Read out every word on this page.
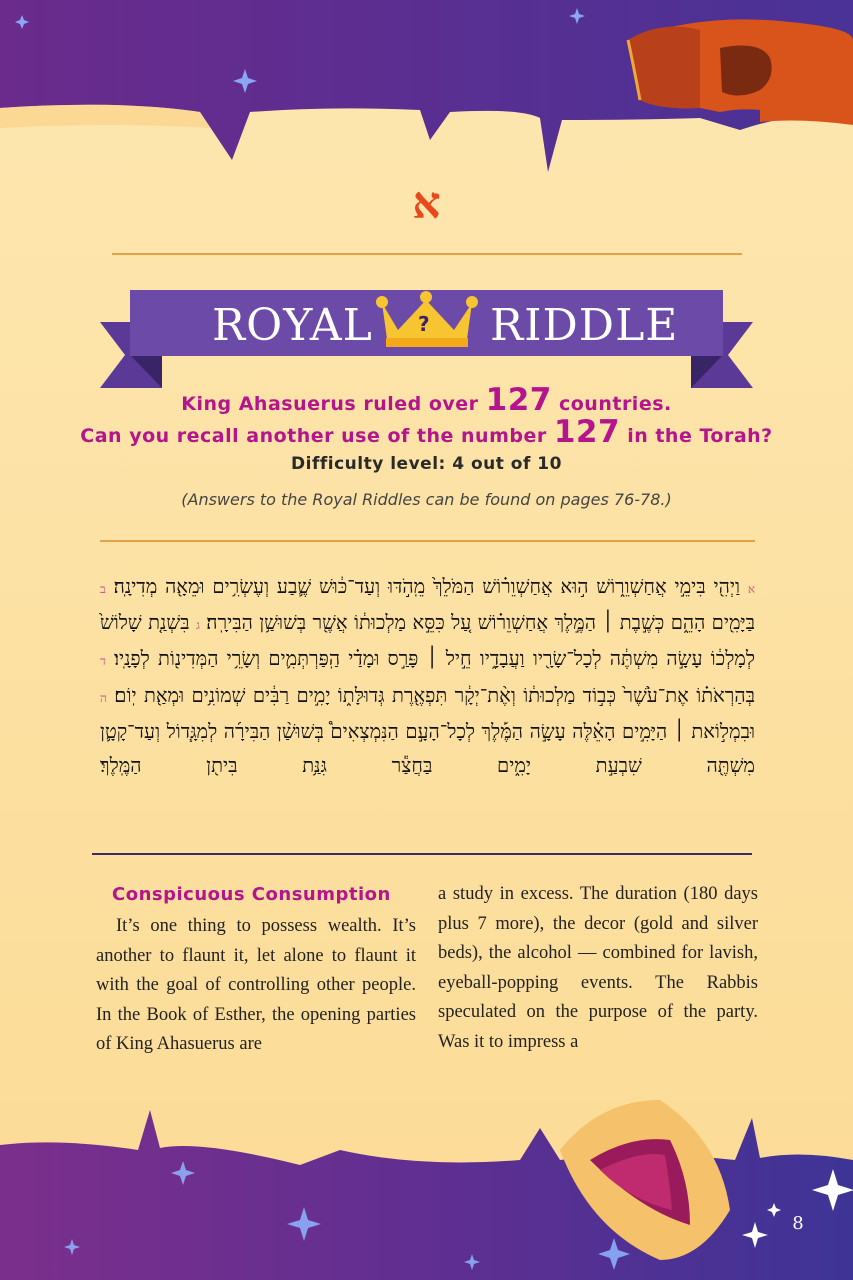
א
ROYAL	RIDDLE
?
King Ahasuerus ruled over 127 countries.
Can you recall another use of the number 127 in the Torah?
Difficulty level: 4 out of 10
(Answers to the Royal Riddles can be found on pages 76-78.)
א וַיְהִ֖י בִּימֵ֣י אֲחַשְׁוֵר֑וֹשׁ ה֣וּא אֲחַשְׁוֵר֗וֹשׁ הַמֹּלֵךְ֙ מֵֽהֹ֣דּוּ וְעַד־כּ֔וּשׁ שֶׁ֛בַע וְעֶשְׂרִ֥ים וּמֵאָ֖ה מְדִינָֽה׃ ב בַּיָּמִ֖ים הָהֵ֑ם כְּשֶׁ֣בֶת ׀ הַמֶּ֣לֶךְ אֲחַשְׁוֵר֗וֹשׁ עַ֚ל כִּסֵּ֣א מַלְכוּת֔וֹ אֲשֶׁ֖ר בְּשׁוּשַׁ֥ן הַבִּירָֽה׃ ג בִּשְׁנַ֤ת שָׁלוֹשׁ֙ לְמָלְכ֔וֹ עָשָׂ֣ה מִשְׁתֶּ֔ה לְכָל־שָׂרָ֖יו וַעֲבָדָ֑יו חֵ֣יל ׀ פָּרַ֣ס וּמָדַ֗י הַֽפַּרְתְּמִ֛ים וְשָׂרֵ֥י הַמְּדִינ֖וֹת לְפָנָֽיו׃ ד בְּהַרְאֹת֗וֹ אֶת־עֹ֙שֶׁר֙ כְּב֣וֹד מַלְכוּת֔וֹ וְאֶ֨ת־יְקָ֔ר תִּפְאֶ֖רֶת גְּדוּלָּת֑וֹ יָמִ֣ים רַבִּ֔ים שְׁמוֹנִ֥ים וּמְאַ֖ת יֽוֹם׃ ה וּבִמְל֣וֹאת ׀ הַיָּמִ֣ים הָאֵ֗לֶּה עָשָׂ֣ה הַמֶּ֡לֶךְ לְכָל־הָעָ֣ם הַנִּמְצְאִים֩ בְּשׁוּשַׁ֨ן הַבִּירָ֜ה לְמִגָּ֧דוֹל וְעַד־קָטָ֛ן מִשְׁתֶּ֖ה שִׁבְעַ֣ת יָמִ֑ים בַּחֲצַ֕ר גִּנַּ֥ת בִּית֖ן הַמֶּֽלֶךְ׃
Conspicuous Consumption
It’s one thing to possess wealth. It’s another to flaunt it, let alone to flaunt it with the goal of controlling other people. In the Book of Esther, the opening parties of King Ahasuerus are
a study in excess. The duration (180 days plus 7 more), the decor (gold and silver beds), the alcohol — combined for lavish, eyeball-popping events. The Rabbis speculated on the purpose of the party. Was it to impress a
8
